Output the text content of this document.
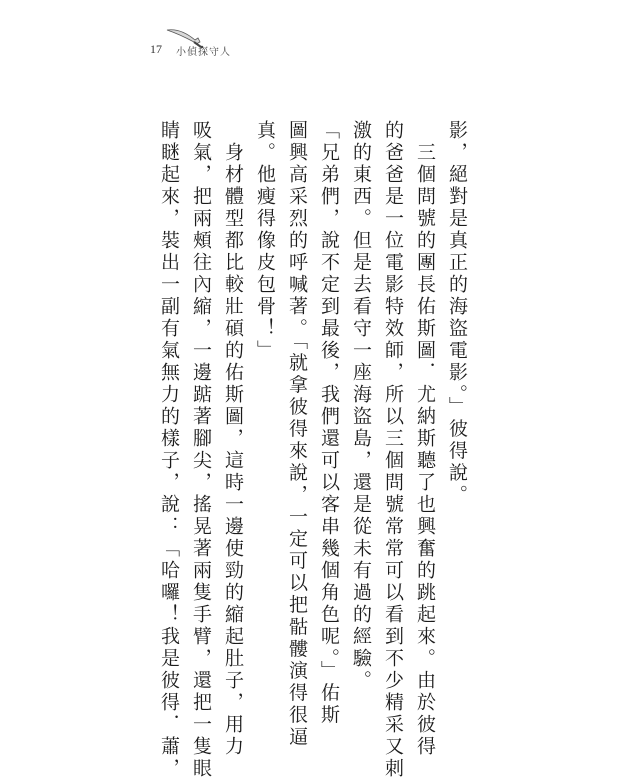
17 小偵探守人
影，絕對是真正的海盜電影。」彼得說。
　三個問號的團長佑斯圖．尤納斯聽了也興奮的跳起來。由於彼得
的爸爸是一位電影特效師，所以三個問號常常可以看到不少精采又刺
激的東西。但是去看守一座海盜島，還是從未有過的經驗。
「兄弟們，說不定到最後，我們還可以客串幾個角色呢。」佑斯
圖興高采烈的呼喊著。「就拿彼得來說，一定可以把骷髏演得很逼
真。他瘦得像皮包骨！」
　身材體型都比較壯碩的佑斯圖，這時一邊使勁的縮起肚子，用力
吸氣，把兩頰往內縮，一邊踮著腳尖，搖晃著兩隻手臂，還把一隻眼
睛瞇起來，裝出一副有氣無力的樣子，說：「哈囉！我是彼得．蕭，
